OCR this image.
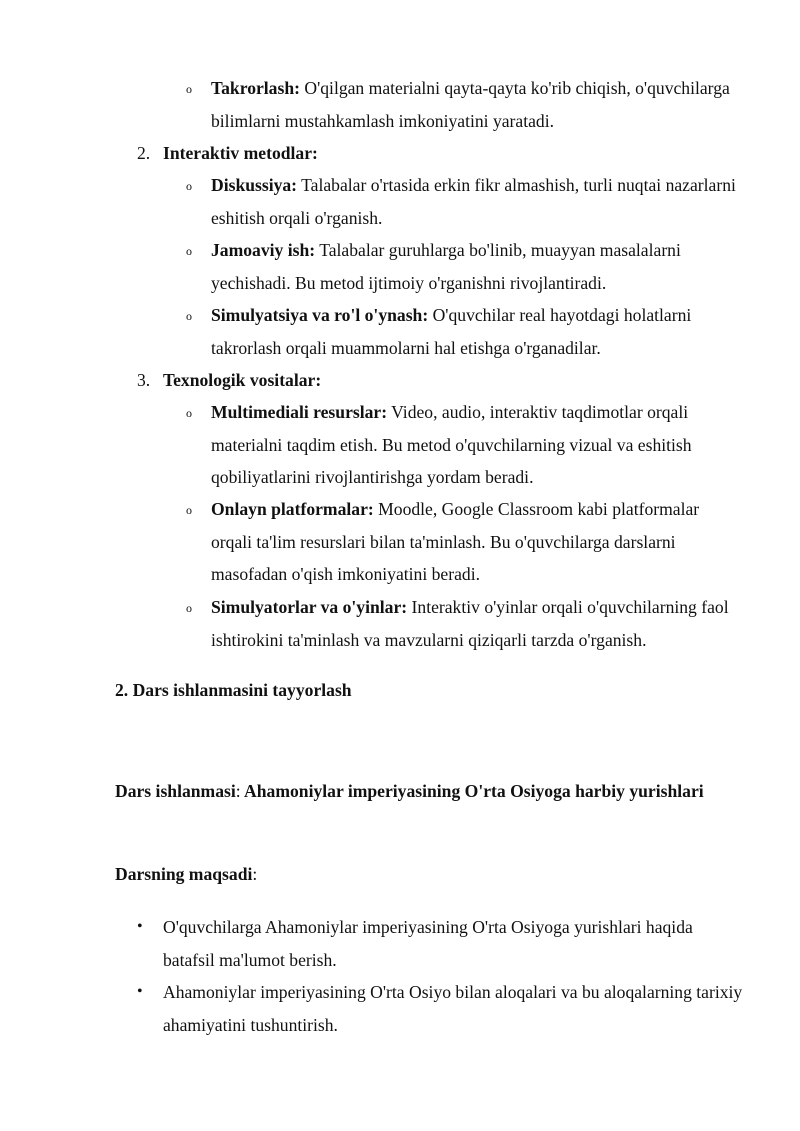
o Takrorlash: O'qilgan materialni qayta-qayta ko'rib chiqish, o'quvchilarga bilimlarni mustahkamlash imkoniyatini yaratadi.
2. Interaktiv metodlar:
o Diskussiya: Talabalar o'rtasida erkin fikr almashish, turli nuqtai nazarlarni eshitish orqali o'rganish.
o Jamoaviy ish: Talabalar guruhlarga bo'linib, muayyan masalalarni yechishadi. Bu metod ijtimoiy o'rganishni rivojlantiradi.
o Simulyatsiya va ro'l o'ynash: O'quvchilar real hayotdagi holatlarni takrorlash orqali muammolarni hal etishga o'rganadilar.
3. Texnologik vositalar:
o Multimediali resurslar: Video, audio, interaktiv taqdimotlar orqali materialni taqdim etish. Bu metod o'quvchilarning vizual va eshitish qobiliyatlarini rivojlantirishga yordam beradi.
o Onlayn platformalar: Moodle, Google Classroom kabi platformalar orqali ta'lim resurslari bilan ta'minlash. Bu o'quvchilarga darslarni masofadan o'qish imkoniyatini beradi.
o Simulyatorlar va o'yinlar: Interaktiv o'yinlar orqali o'quvchilarning faol ishtirokini ta'minlash va mavzularni qiziqarli tarzda o'rganish.
2. Dars ishlanmasini tayyorlash
Dars ishlanmasi: Ahamoniylar imperiyasining O'rta Osiyoga harbiy yurishlari
Darsning maqsadi:
• O'quvchilarga Ahamoniylar imperiyasining O'rta Osiyoga yurishlari haqida batafsil ma'lumot berish.
• Ahamoniylar imperiyasining O'rta Osiyo bilan aloqalari va bu aloqalarning tarixiy ahamiyatini tushuntirish.
